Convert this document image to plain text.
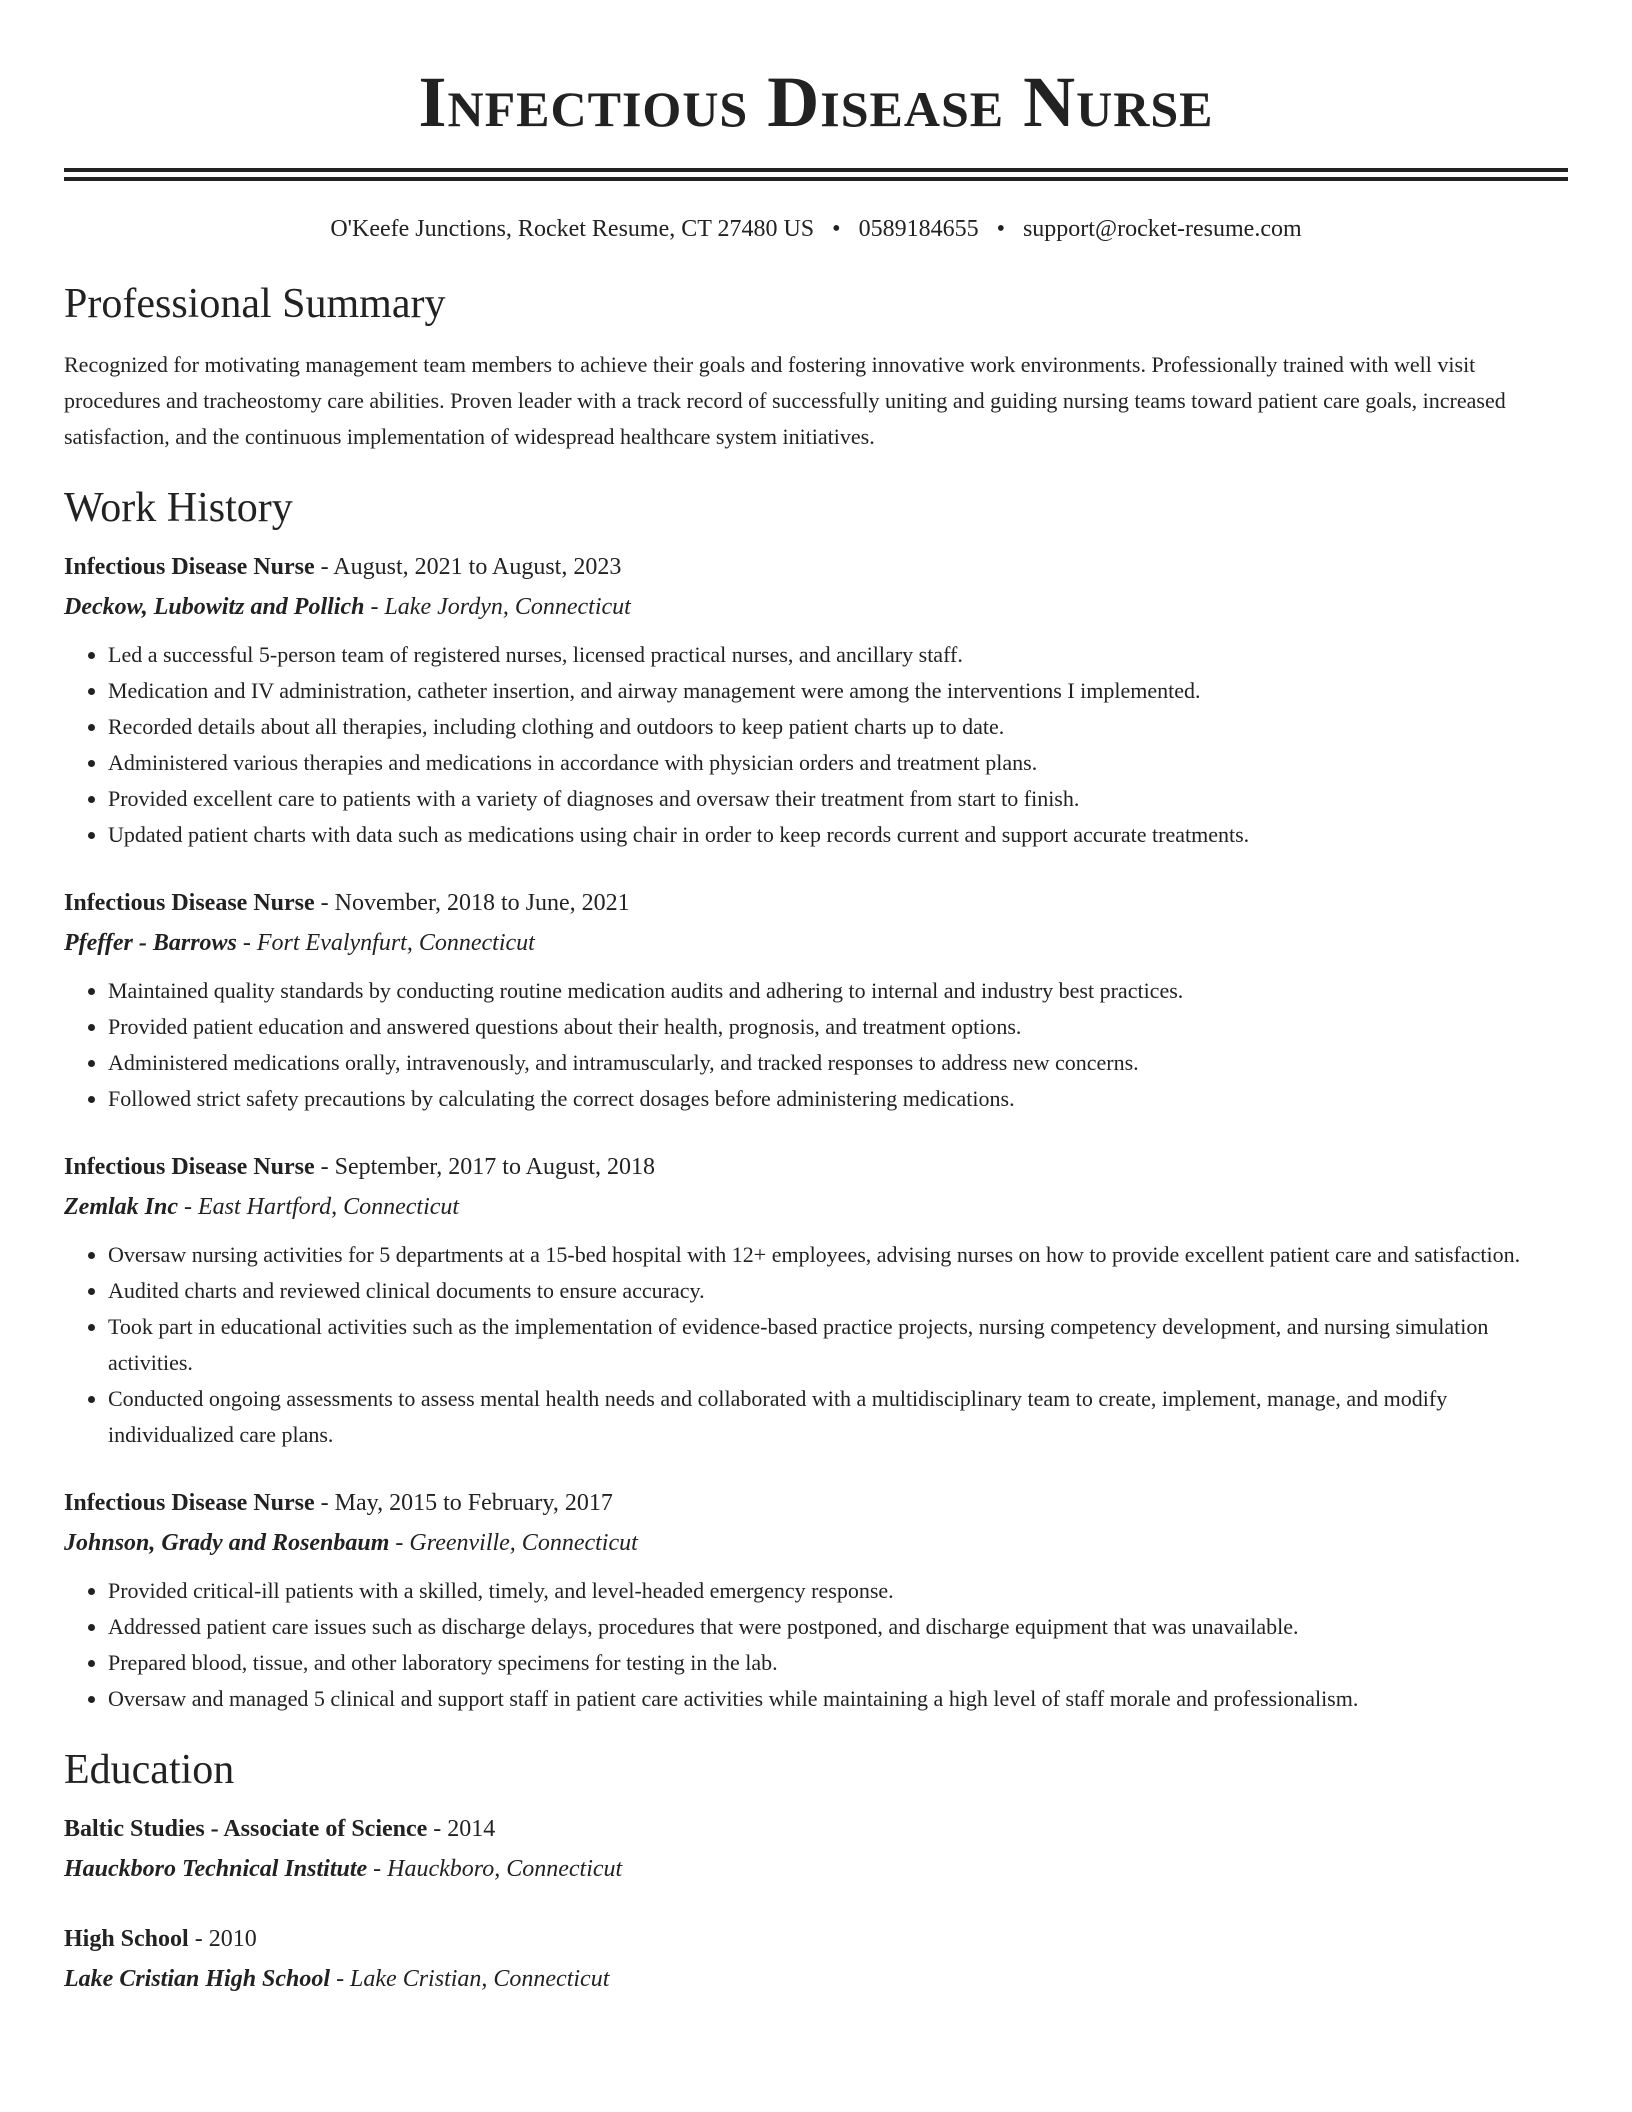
Infectious Disease Nurse
O'Keefe Junctions, Rocket Resume, CT 27480 US • 0589184655 • support@rocket-resume.com
Professional Summary
Recognized for motivating management team members to achieve their goals and fostering innovative work environments. Professionally trained with well visit procedures and tracheostomy care abilities. Proven leader with a track record of successfully uniting and guiding nursing teams toward patient care goals, increased satisfaction, and the continuous implementation of widespread healthcare system initiatives.
Work History
Infectious Disease Nurse - August, 2021 to August, 2023
Deckow, Lubowitz and Pollich - Lake Jordyn, Connecticut
• Led a successful 5-person team of registered nurses, licensed practical nurses, and ancillary staff.
• Medication and IV administration, catheter insertion, and airway management were among the interventions I implemented.
• Recorded details about all therapies, including clothing and outdoors to keep patient charts up to date.
• Administered various therapies and medications in accordance with physician orders and treatment plans.
• Provided excellent care to patients with a variety of diagnoses and oversaw their treatment from start to finish.
• Updated patient charts with data such as medications using chair in order to keep records current and support accurate treatments.
Infectious Disease Nurse - November, 2018 to June, 2021
Pfeffer - Barrows - Fort Evalynfurt, Connecticut
• Maintained quality standards by conducting routine medication audits and adhering to internal and industry best practices.
• Provided patient education and answered questions about their health, prognosis, and treatment options.
• Administered medications orally, intravenously, and intramuscularly, and tracked responses to address new concerns.
• Followed strict safety precautions by calculating the correct dosages before administering medications.
Infectious Disease Nurse - September, 2017 to August, 2018
Zemlak Inc - East Hartford, Connecticut
• Oversaw nursing activities for 5 departments at a 15-bed hospital with 12+ employees, advising nurses on how to provide excellent patient care and satisfaction.
• Audited charts and reviewed clinical documents to ensure accuracy.
• Took part in educational activities such as the implementation of evidence-based practice projects, nursing competency development, and nursing simulation activities.
• Conducted ongoing assessments to assess mental health needs and collaborated with a multidisciplinary team to create, implement, manage, and modify individualized care plans.
Infectious Disease Nurse - May, 2015 to February, 2017
Johnson, Grady and Rosenbaum - Greenville, Connecticut
• Provided critical-ill patients with a skilled, timely, and level-headed emergency response.
• Addressed patient care issues such as discharge delays, procedures that were postponed, and discharge equipment that was unavailable.
• Prepared blood, tissue, and other laboratory specimens for testing in the lab.
• Oversaw and managed 5 clinical and support staff in patient care activities while maintaining a high level of staff morale and professionalism.
Education
Baltic Studies - Associate of Science - 2014
Hauckboro Technical Institute - Hauckboro, Connecticut
High School - 2010
Lake Cristian High School - Lake Cristian, Connecticut
